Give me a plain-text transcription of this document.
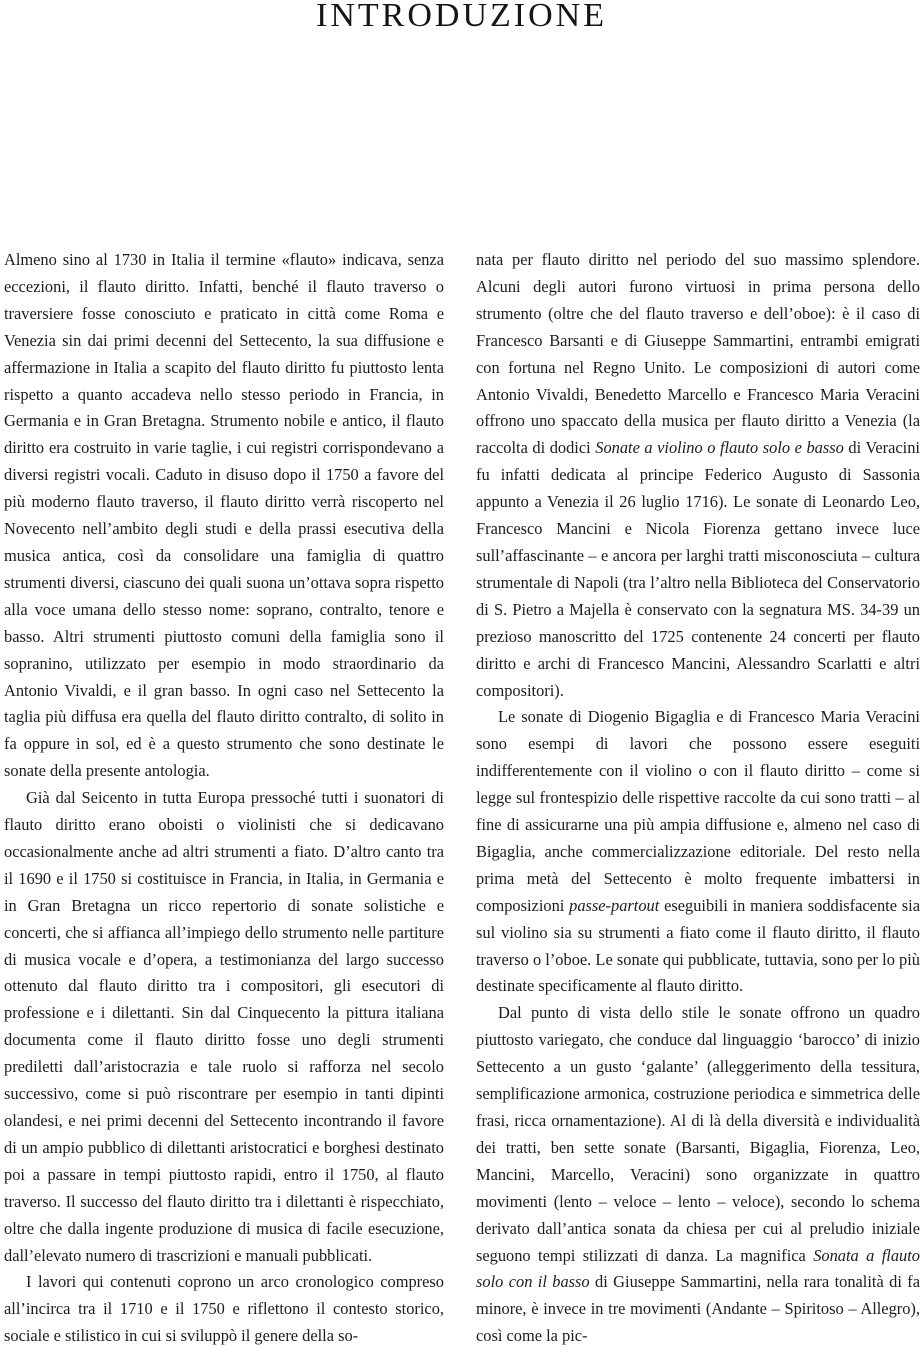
INTRODUZIONE

Almeno sino al 1730 in Italia il termine «flauto» indicava, senza eccezioni, il flauto diritto. Infatti, benché il flauto traverso o traversiere fosse conosciuto e praticato in città come Roma e Venezia sin dai primi decenni del Settecento, la sua diffusione e affermazione in Italia a scapito del flauto diritto fu piuttosto lenta rispetto a quanto accadeva nello stesso periodo in Francia, in Germania e in Gran Bretagna. Strumento nobile e antico, il flauto diritto era costruito in varie taglie, i cui registri corrispondevano a diversi registri vocali. Caduto in disuso dopo il 1750 a favore del più moderno flauto traverso, il flauto diritto verrà riscoperto nel Novecento nell’ambito degli studi e della prassi esecutiva della musica antica, così da consolidare una famiglia di quattro strumenti diversi, ciascuno dei quali suona un’ottava sopra rispetto alla voce umana dello stesso nome: soprano, contralto, tenore e basso. Altri strumenti piuttosto comuni della famiglia sono il sopranino, utilizzato per esempio in modo straordinario da Antonio Vivaldi, e il gran basso. In ogni caso nel Settecento la taglia più diffusa era quella del flauto diritto contralto, di solito in fa oppure in sol, ed è a questo strumento che sono destinate le sonate della presente antologia.

Già dal Seicento in tutta Europa pressoché tutti i suonatori di flauto diritto erano oboisti o violinisti che si dedicavano occasionalmente anche ad altri strumenti a fiato. D’altro canto tra il 1690 e il 1750 si costituisce in Francia, in Italia, in Germania e in Gran Bretagna un ricco repertorio di sonate solistiche e concerti, che si affianca all’impiego dello strumento nelle partiture di musica vocale e d’opera, a testimonianza del largo successo ottenuto dal flauto diritto tra i compositori, gli esecutori di professione e i dilettanti. Sin dal Cinquecento la pittura italiana documenta come il flauto diritto fosse uno degli strumenti prediletti dall’aristocrazia e tale ruolo si rafforza nel secolo successivo, come si può riscontrare per esempio in tanti dipinti olandesi, e nei primi decenni del Settecento incontrando il favore di un ampio pubblico di dilettanti aristocratici e borghesi destinato poi a passare in tempi piuttosto rapidi, entro il 1750, al flauto traverso. Il successo del flauto diritto tra i dilettanti è rispecchiato, oltre che dalla ingente produzione di musica di facile esecuzione, dall’elevato numero di trascrizioni e manuali pubblicati.

I lavori qui contenuti coprono un arco cronologico compreso all’incirca tra il 1710 e il 1750 e riflettono il contesto storico, sociale e stilistico in cui si sviluppò il genere della so-

nata per flauto diritto nel periodo del suo massimo splendore. Alcuni degli autori furono virtuosi in prima persona dello strumento (oltre che del flauto traverso e dell’oboe): è il caso di Francesco Barsanti e di Giuseppe Sammartini, entrambi emigrati con fortuna nel Regno Unito. Le composizioni di autori come Antonio Vivaldi, Benedetto Marcello e Francesco Maria Veracini offrono uno spaccato della musica per flauto diritto a Venezia (la raccolta di dodici Sonate a violino o flauto solo e basso di Veracini fu infatti dedicata al principe Federico Augusto di Sassonia appunto a Venezia il 26 luglio 1716). Le sonate di Leonardo Leo, Francesco Mancini e Nicola Fiorenza gettano invece luce sull’affascinante – e ancora per larghi tratti misconosciuta – cultura strumentale di Napoli (tra l’altro nella Biblioteca del Conservatorio di S. Pietro a Majella è conservato con la segnatura MS. 34-39 un prezioso manoscritto del 1725 contenente 24 concerti per flauto diritto e archi di Francesco Mancini, Alessandro Scarlatti e altri compositori).

Le sonate di Diogenio Bigaglia e di Francesco Maria Veracini sono esempi di lavori che possono essere eseguiti indifferentemente con il violino o con il flauto diritto – come si legge sul frontespizio delle rispettive raccolte da cui sono tratti – al fine di assicurarne una più ampia diffusione e, almeno nel caso di Bigaglia, anche commercializzazione editoriale. Del resto nella prima metà del Settecento è molto frequente imbattersi in composizioni passe-partout eseguibili in maniera soddisfacente sia sul violino sia su strumenti a fiato come il flauto diritto, il flauto traverso o l’oboe. Le sonate qui pubblicate, tuttavia, sono per lo più destinate specificamente al flauto diritto.

Dal punto di vista dello stile le sonate offrono un quadro piuttosto variegato, che conduce dal linguaggio ‘barocco’ di inizio Settecento a un gusto ‘galante’ (alleggerimento della tessitura, semplificazione armonica, costruzione periodica e simmetrica delle frasi, ricca ornamentazione). Al di là della diversità e individualità dei tratti, ben sette sonate (Barsanti, Bigaglia, Fiorenza, Leo, Mancini, Marcello, Veracini) sono organizzate in quattro movimenti (lento – veloce – lento – veloce), secondo lo schema derivato dall’antica sonata da chiesa per cui al preludio iniziale seguono tempi stilizzati di danza. La magnifica Sonata a flauto solo con il basso di Giuseppe Sammartini, nella rara tonalità di fa minore, è invece in tre movimenti (Andante – Spiritoso – Allegro), così come la pic-
